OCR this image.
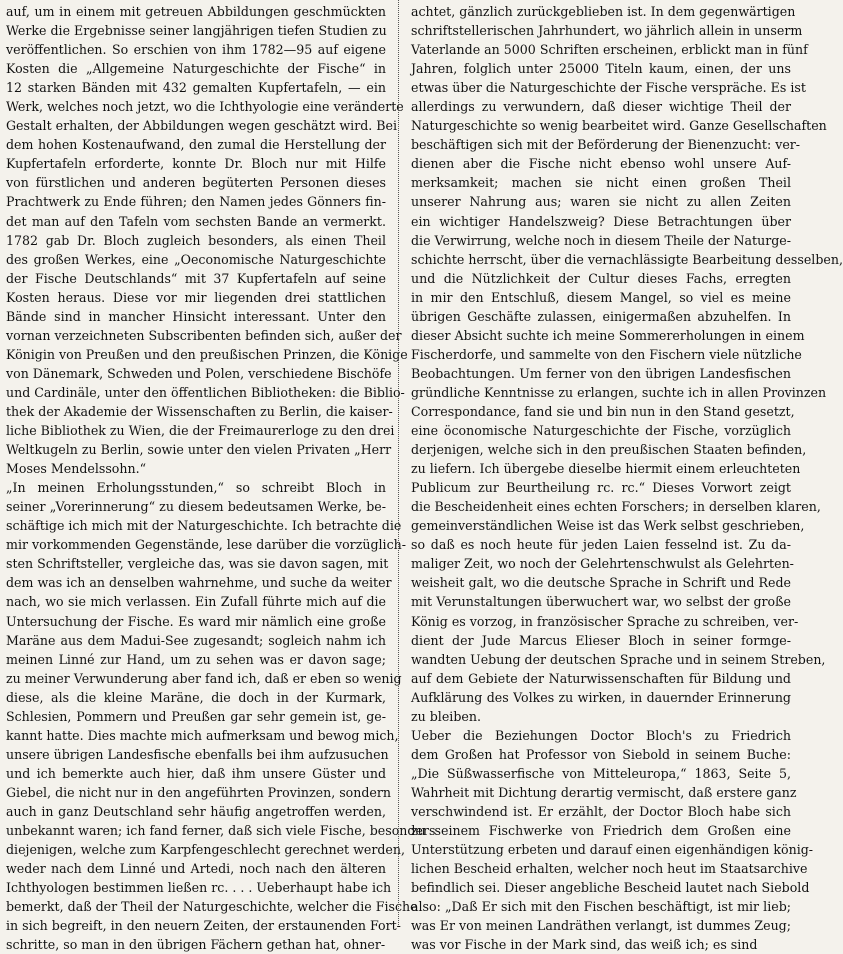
auf, um in einem mit getreuen Abbildungen geschmückten
Werke die Ergebnisse seiner langjährigen tiefen Studien zu
veröffentlichen. So erschien von ihm 1782—95 auf eigene
Kosten die „Allgemeine Naturgeschichte der Fische“ in
12 starken Bänden mit 432 gemalten Kupfertafeln, — ein
Werk, welches noch jetzt, wo die Ichthyologie eine veränderte
Gestalt erhalten, der Abbildungen wegen geschätzt wird. Bei
dem hohen Kostenaufwand, den zumal die Herstellung der
Kupfertafeln erforderte, konnte Dr. Bloch nur mit Hilfe
von fürstlichen und anderen begüterten Personen dieses
Prachtwerk zu Ende führen; den Namen jedes Gönners fin-
det man auf den Tafeln vom sechsten Bande an vermerkt.
1782 gab Dr. Bloch zugleich besonders, als einen Theil
des großen Werkes, eine „Oeconomische Naturgeschichte
der Fische Deutschlands“ mit 37 Kupfertafeln auf seine
Kosten heraus. Diese vor mir liegenden drei stattlichen
Bände sind in mancher Hinsicht interessant. Unter den
vornan verzeichneten Subscribenten befinden sich, außer der
Königin von Preußen und den preußischen Prinzen, die Könige
von Dänemark, Schweden und Polen, verschiedene Bischöfe
und Cardinäle, unter den öffentlichen Bibliotheken: die Biblio-
thek der Akademie der Wissenschaften zu Berlin, die kaiser-
liche Bibliothek zu Wien, die der Freimaurerloge zu den drei
Weltkugeln zu Berlin, sowie unter den vielen Privaten „Herr
Moses Mendelssohn.“
„In meinen Erholungsstunden,“ so schreibt Bloch in
seiner „Vorerinnerung“ zu diesem bedeutsamen Werke, be-
schäftige ich mich mit der Naturgeschichte. Ich betrachte die
mir vorkommenden Gegenstände, lese darüber die vorzüglich-
sten Schriftsteller, vergleiche das, was sie davon sagen, mit
dem was ich an denselben wahrnehme, und suche da weiter
nach, wo sie mich verlassen. Ein Zufall führte mich auf die
Untersuchung der Fische. Es ward mir nämlich eine große
Maräne aus dem Madui-See zugesandt; sogleich nahm ich
meinen Linné zur Hand, um zu sehen was er davon sage;
zu meiner Verwunderung aber fand ich, daß er eben so wenig
diese, als die kleine Maräne, die doch in der Kurmark,
Schlesien, Pommern und Preußen gar sehr gemein ist, ge-
kannt hatte. Dies machte mich aufmerksam und bewog mich,
unsere übrigen Landesfische ebenfalls bei ihm aufzusuchen
und ich bemerkte auch hier, daß ihm unsere Güster und
Giebel, die nicht nur in den angeführten Provinzen, sondern
auch in ganz Deutschland sehr häufig angetroffen werden,
unbekannt waren; ich fand ferner, daß sich viele Fische, besonders
diejenigen, welche zum Karpfengeschlecht gerechnet werden,
weder nach dem Linné und Artedi, noch nach den älteren
Ichthyologen bestimmen ließen rc. . . . Ueberhaupt habe ich
bemerkt, daß der Theil der Naturgeschichte, welcher die Fische
in sich begreift, in den neuern Zeiten, der erstaunenden Fort-
schritte, so man in den übrigen Fächern gethan hat, ohner-
achtet, gänzlich zurückgeblieben ist. In dem gegenwärtigen
schriftstellerischen Jahrhundert, wo jährlich allein in unserm
Vaterlande an 5000 Schriften erscheinen, erblickt man in fünf
Jahren, folglich unter 25000 Titeln kaum, einen, der uns
etwas über die Naturgeschichte der Fische verspräche. Es ist
allerdings zu verwundern, daß dieser wichtige Theil der
Naturgeschichte so wenig bearbeitet wird. Ganze Gesellschaften
beschäftigen sich mit der Beförderung der Bienenzucht: ver-
dienen aber die Fische nicht ebenso wohl unsere Auf-
merksamkeit; machen sie nicht einen großen Theil
unserer Nahrung aus; waren sie nicht zu allen Zeiten
ein wichtiger Handelszweig? Diese Betrachtungen über
die Verwirrung, welche noch in diesem Theile der Naturge-
schichte herrscht, über die vernachlässigte Bearbeitung desselben,
und die Nützlichkeit der Cultur dieses Fachs, erregten
in mir den Entschluß, diesem Mangel, so viel es meine
übrigen Geschäfte zulassen, einigermaßen abzuhelfen. In
dieser Absicht suchte ich meine Sommererholungen in einem
Fischerdorfe, und sammelte von den Fischern viele nützliche
Beobachtungen. Um ferner von den übrigen Landesfischen
gründliche Kenntnisse zu erlangen, suchte ich in allen Provinzen
Correspondance, fand sie und bin nun in den Stand gesetzt,
eine öconomische Naturgeschichte der Fische, vorzüglich
derjenigen, welche sich in den preußischen Staaten befinden,
zu liefern. Ich übergebe dieselbe hiermit einem erleuchteten
Publicum zur Beurtheilung rc. rc.“ Dieses Vorwort zeigt
die Bescheidenheit eines echten Forschers; in derselben klaren,
gemeinverständlichen Weise ist das Werk selbst geschrieben,
so daß es noch heute für jeden Laien fesselnd ist. Zu da-
maliger Zeit, wo noch der Gelehrtenschwulst als Gelehrten-
weisheit galt, wo die deutsche Sprache in Schrift und Rede
mit Verunstaltungen überwuchert war, wo selbst der große
König es vorzog, in französischer Sprache zu schreiben, ver-
dient der Jude Marcus Elieser Bloch in seiner formge-
wandten Uebung der deutschen Sprache und in seinem Streben,
auf dem Gebiete der Naturwissenschaften für Bildung und
Aufklärung des Volkes zu wirken, in dauernder Erinnerung
zu bleiben.
Ueber die Beziehungen Doctor Bloch's zu Friedrich
dem Großen hat Professor von Siebold in seinem Buche:
„Die Süßwasserfische von Mitteleuropa,“ 1863, Seite 5,
Wahrheit mit Dichtung derartig vermischt, daß erstere ganz
verschwindend ist. Er erzählt, der Doctor Bloch habe sich
zu seinem Fischwerke von Friedrich dem Großen eine
Unterstützung erbeten und darauf einen eigenhändigen könig-
lichen Bescheid erhalten, welcher noch heut im Staatsarchive
befindlich sei. Dieser angebliche Bescheid lautet nach Siebold
also: „Daß Er sich mit den Fischen beschäftigt, ist mir lieb;
was Er von meinen Landräthen verlangt, ist dummes Zeug;
was vor Fische in der Mark sind, das weiß ich; es sind
